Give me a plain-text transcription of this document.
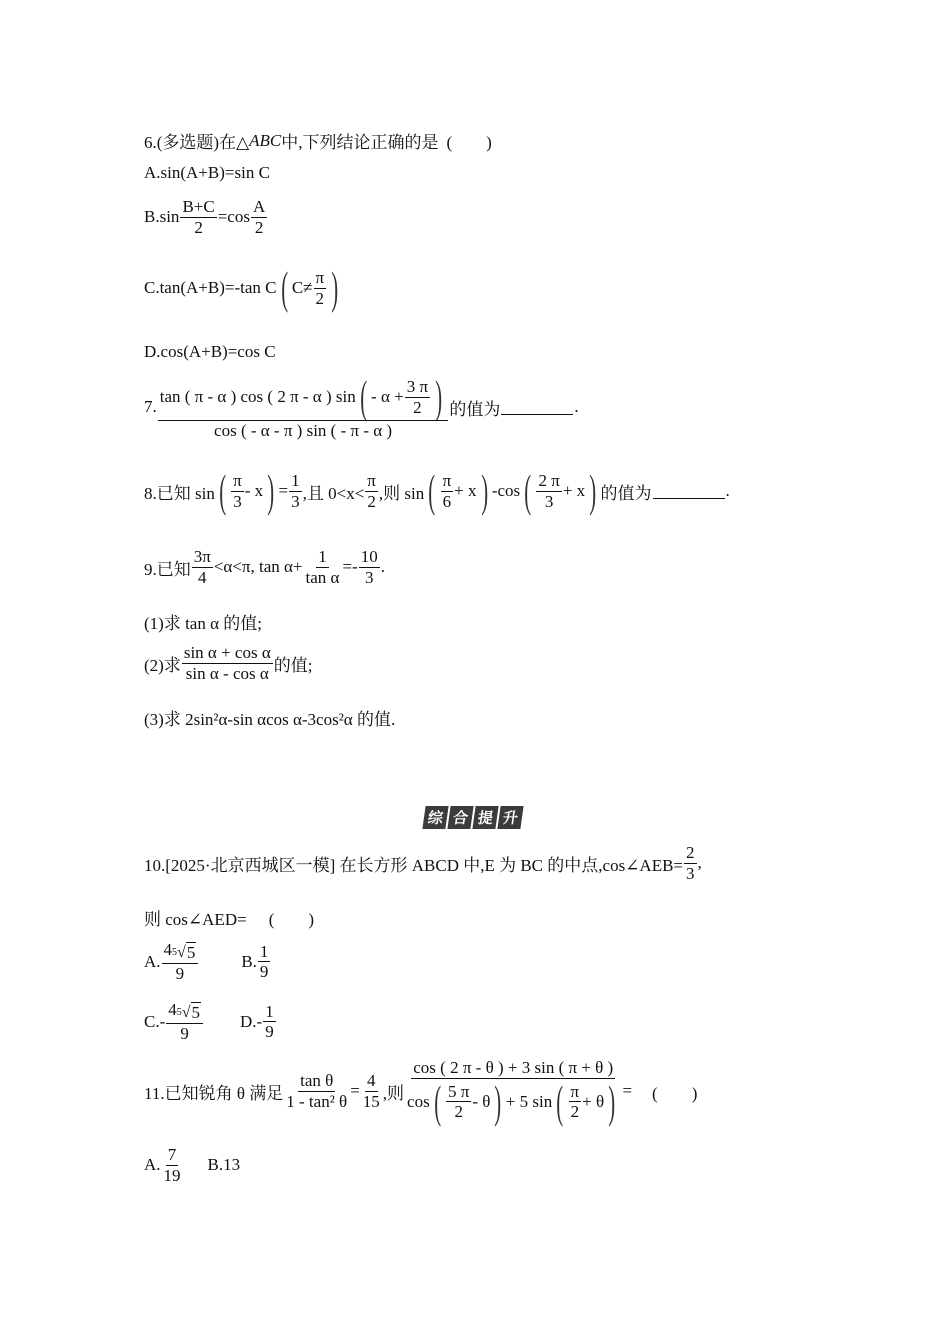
6.(多选题)在△ ABC 中,下列结论正确的是 (　　)
A.sin(A+B)=sin C
$B.\sin \frac{B+C}{2} =\cos \frac{A}{2}$
C.tan(A+B)=-tan C ( $C\ne \frac{\pi}{2}$ )
D.cos(A+B)=cos C
7.
tan ( π - α ) cos ( 2 π - α ) sin ( - $\alpha + \frac{3 \pi}{2}$ )
cos ( - α - π ) sin ( - π - α )
的值为	.
8.已知 sin ( $\frac{\pi}{3}$ - x ) = $\frac{1}{3}$ ,且 $0<x< \frac{\pi}{2}$ ,则 sin ( $\frac{\pi}{6} + x$ ) -cos ( $\frac{2 \pi}{3} + x$ ) 的值为	.
9.已知 $\frac{3\pi}{4} <\alpha<\pi$, $\tan \alpha+ \frac{1}{\text{tan α}} =- \frac{10}{3}$ .
(1)求 tan α 的值;
(2)求 $\frac{\text{sin α + cos α}}{\text{sin α - cos α}}$ 的值;
(3)求 2sin²α-sin αcos α-3cos²α 的值.
综 合 提 升
10.[2025·北京西城区一模] 在长方形 ABCD 中,E 为 BC 的中点,cos∠AEB= $\frac{2}{3}$ ,
则 cos∠AED= (　　)
A. $\frac{4 5 √ 5}{9}$	B. $\frac{1}{9}$
$C.- \frac{4 5 √ 5}{9} D.- \frac{1}{9}$
11.已知锐角 θ 满足 $\frac{\text{tan θ}}{\text{1 - tan² θ}} = \frac{4}{15}$ ,则
cos ( 2 π - θ ) + 3 sin ( π + θ )
cos ( $\frac{5 \pi}{2}$ - θ ) + 5 sin ( $\frac{\pi}{2} + \theta$ ) = (　　)
A. $\frac{7}{19} B.13$
